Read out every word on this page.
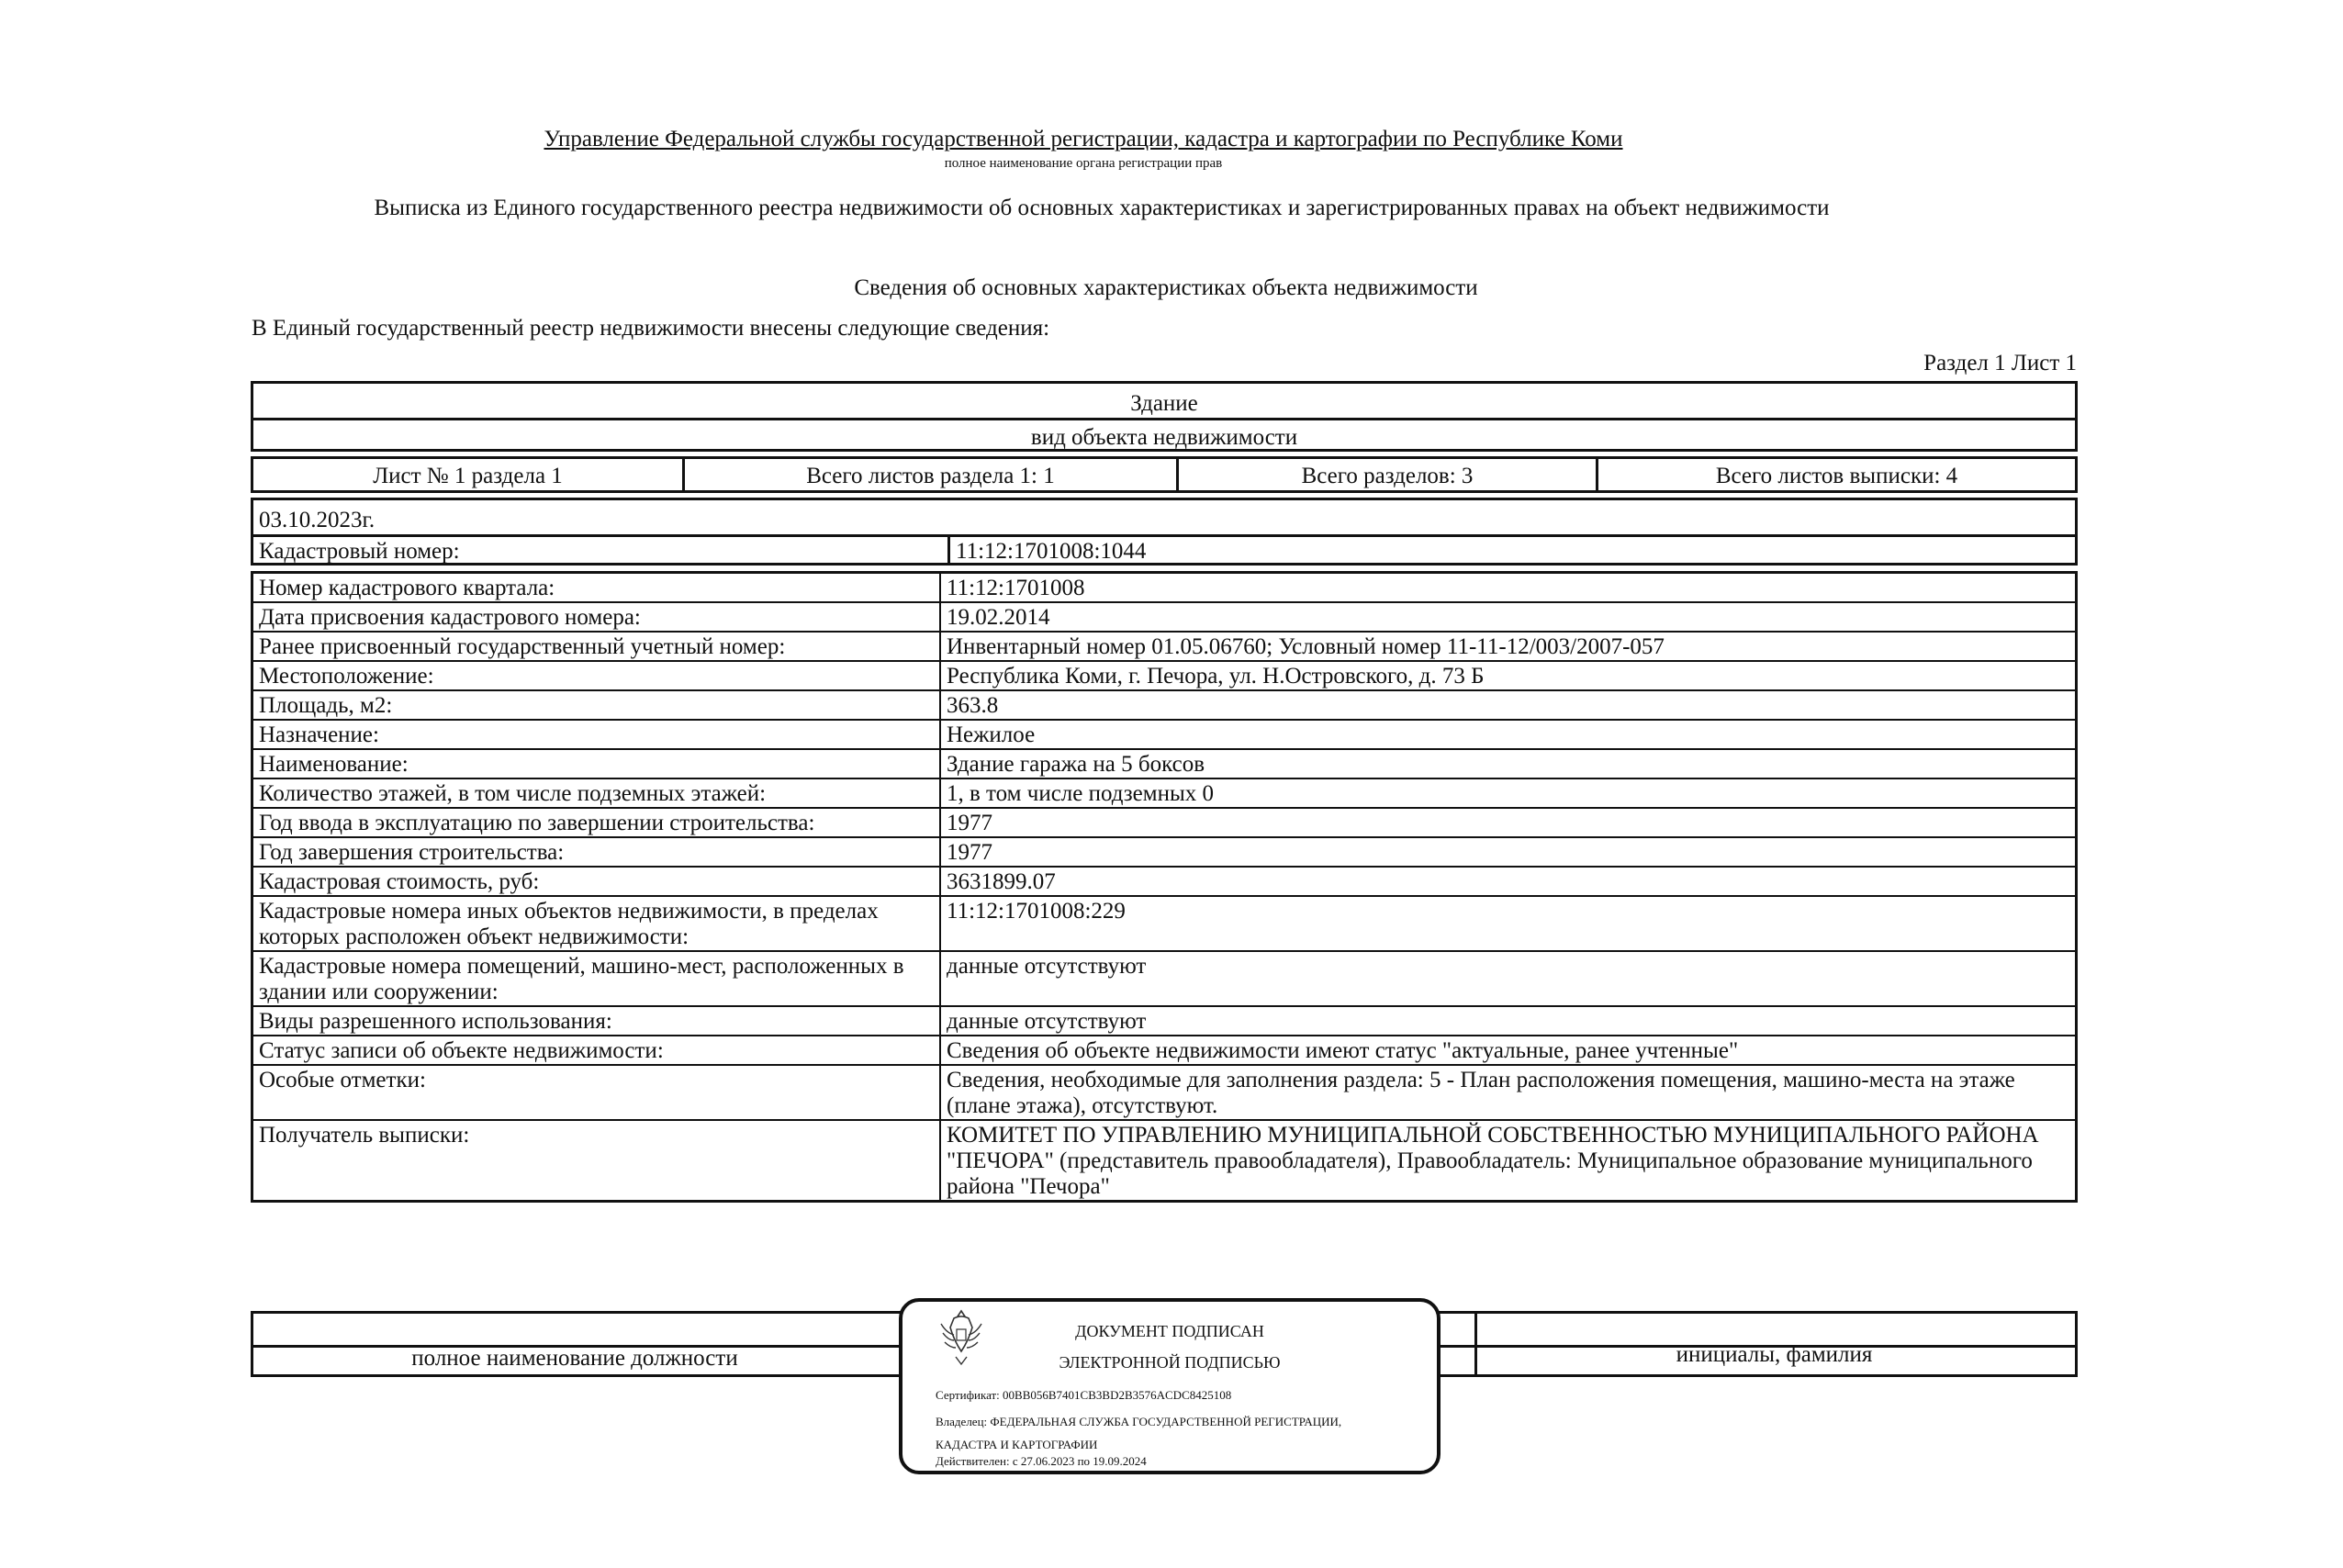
Управление Федеральной службы государственной регистрации, кадастра и картографии по Республике Коми
полное наименование органа регистрации прав
Выписка из Единого государственного реестра недвижимости об основных характеристиках и зарегистрированных правах на объект недвижимости
Сведения об основных характеристиках объекта недвижимости
В Единый государственный реестр недвижимости внесены следующие сведения:
Раздел 1 Лист 1
Здание
вид объекта недвижимости
Лист № 1 раздела 1	Всего листов раздела 1: 1	Всего разделов: 3	Всего листов выписки: 4
03.10.2023г.
Кадастровый номер:	11:12:1701008:1044
Номер кадастрового квартала:	11:12:1701008
Дата присвоения кадастрового номера:	19.02.2014
Ранее присвоенный государственный учетный номер:	Инвентарный номер 01.05.06760; Условный номер 11-11-12/003/2007-057
Местоположение:	Республика Коми, г. Печора, ул. Н.Островского, д. 73 Б
Площадь, м2:	363.8
Назначение:	Нежилое
Наименование:	Здание гаража на 5 боксов
Количество этажей, в том числе подземных этажей:	1, в том числе подземных 0
Год ввода в эксплуатацию по завершении строительства:	1977
Год завершения строительства:	1977
Кадастровая стоимость, руб:	3631899.07
Кадастровые номера иных объектов недвижимости, в пределах которых расположен объект недвижимости:	11:12:1701008:229
Кадастровые номера помещений, машино-мест, расположенных в здании или сооружении:	данные отсутствуют
Виды разрешенного использования:	данные отсутствуют
Статус записи об объекте недвижимости:	Сведения об объекте недвижимости имеют статус "актуальные, ранее учтенные"
Особые отметки:	Сведения, необходимые для заполнения раздела: 5 - План расположения помещения, машино-места на этаже (плане этажа), отсутствуют.
Получатель выписки:	КОМИТЕТ ПО УПРАВЛЕНИЮ МУНИЦИПАЛЬНОЙ СОБСТВЕННОСТЬЮ МУНИЦИПАЛЬНОГО РАЙОНА "ПЕЧОРА" (представитель правообладателя), Правообладатель: Муниципальное образование муниципального района "Печора"
полное наименование должности	инициалы, фамилия
ДОКУМЕНТ ПОДПИСАН
ЭЛЕКТРОННОЙ ПОДПИСЬЮ
Сертификат: 00BB056B7401CB3BD2B3576ACDC8425108
Владелец: ФЕДЕРАЛЬНАЯ СЛУЖБА ГОСУДАРСТВЕННОЙ РЕГИСТРАЦИИ, КАДАСТРА И КАРТОГРАФИИ
Действителен: с 27.06.2023 по 19.09.2024
